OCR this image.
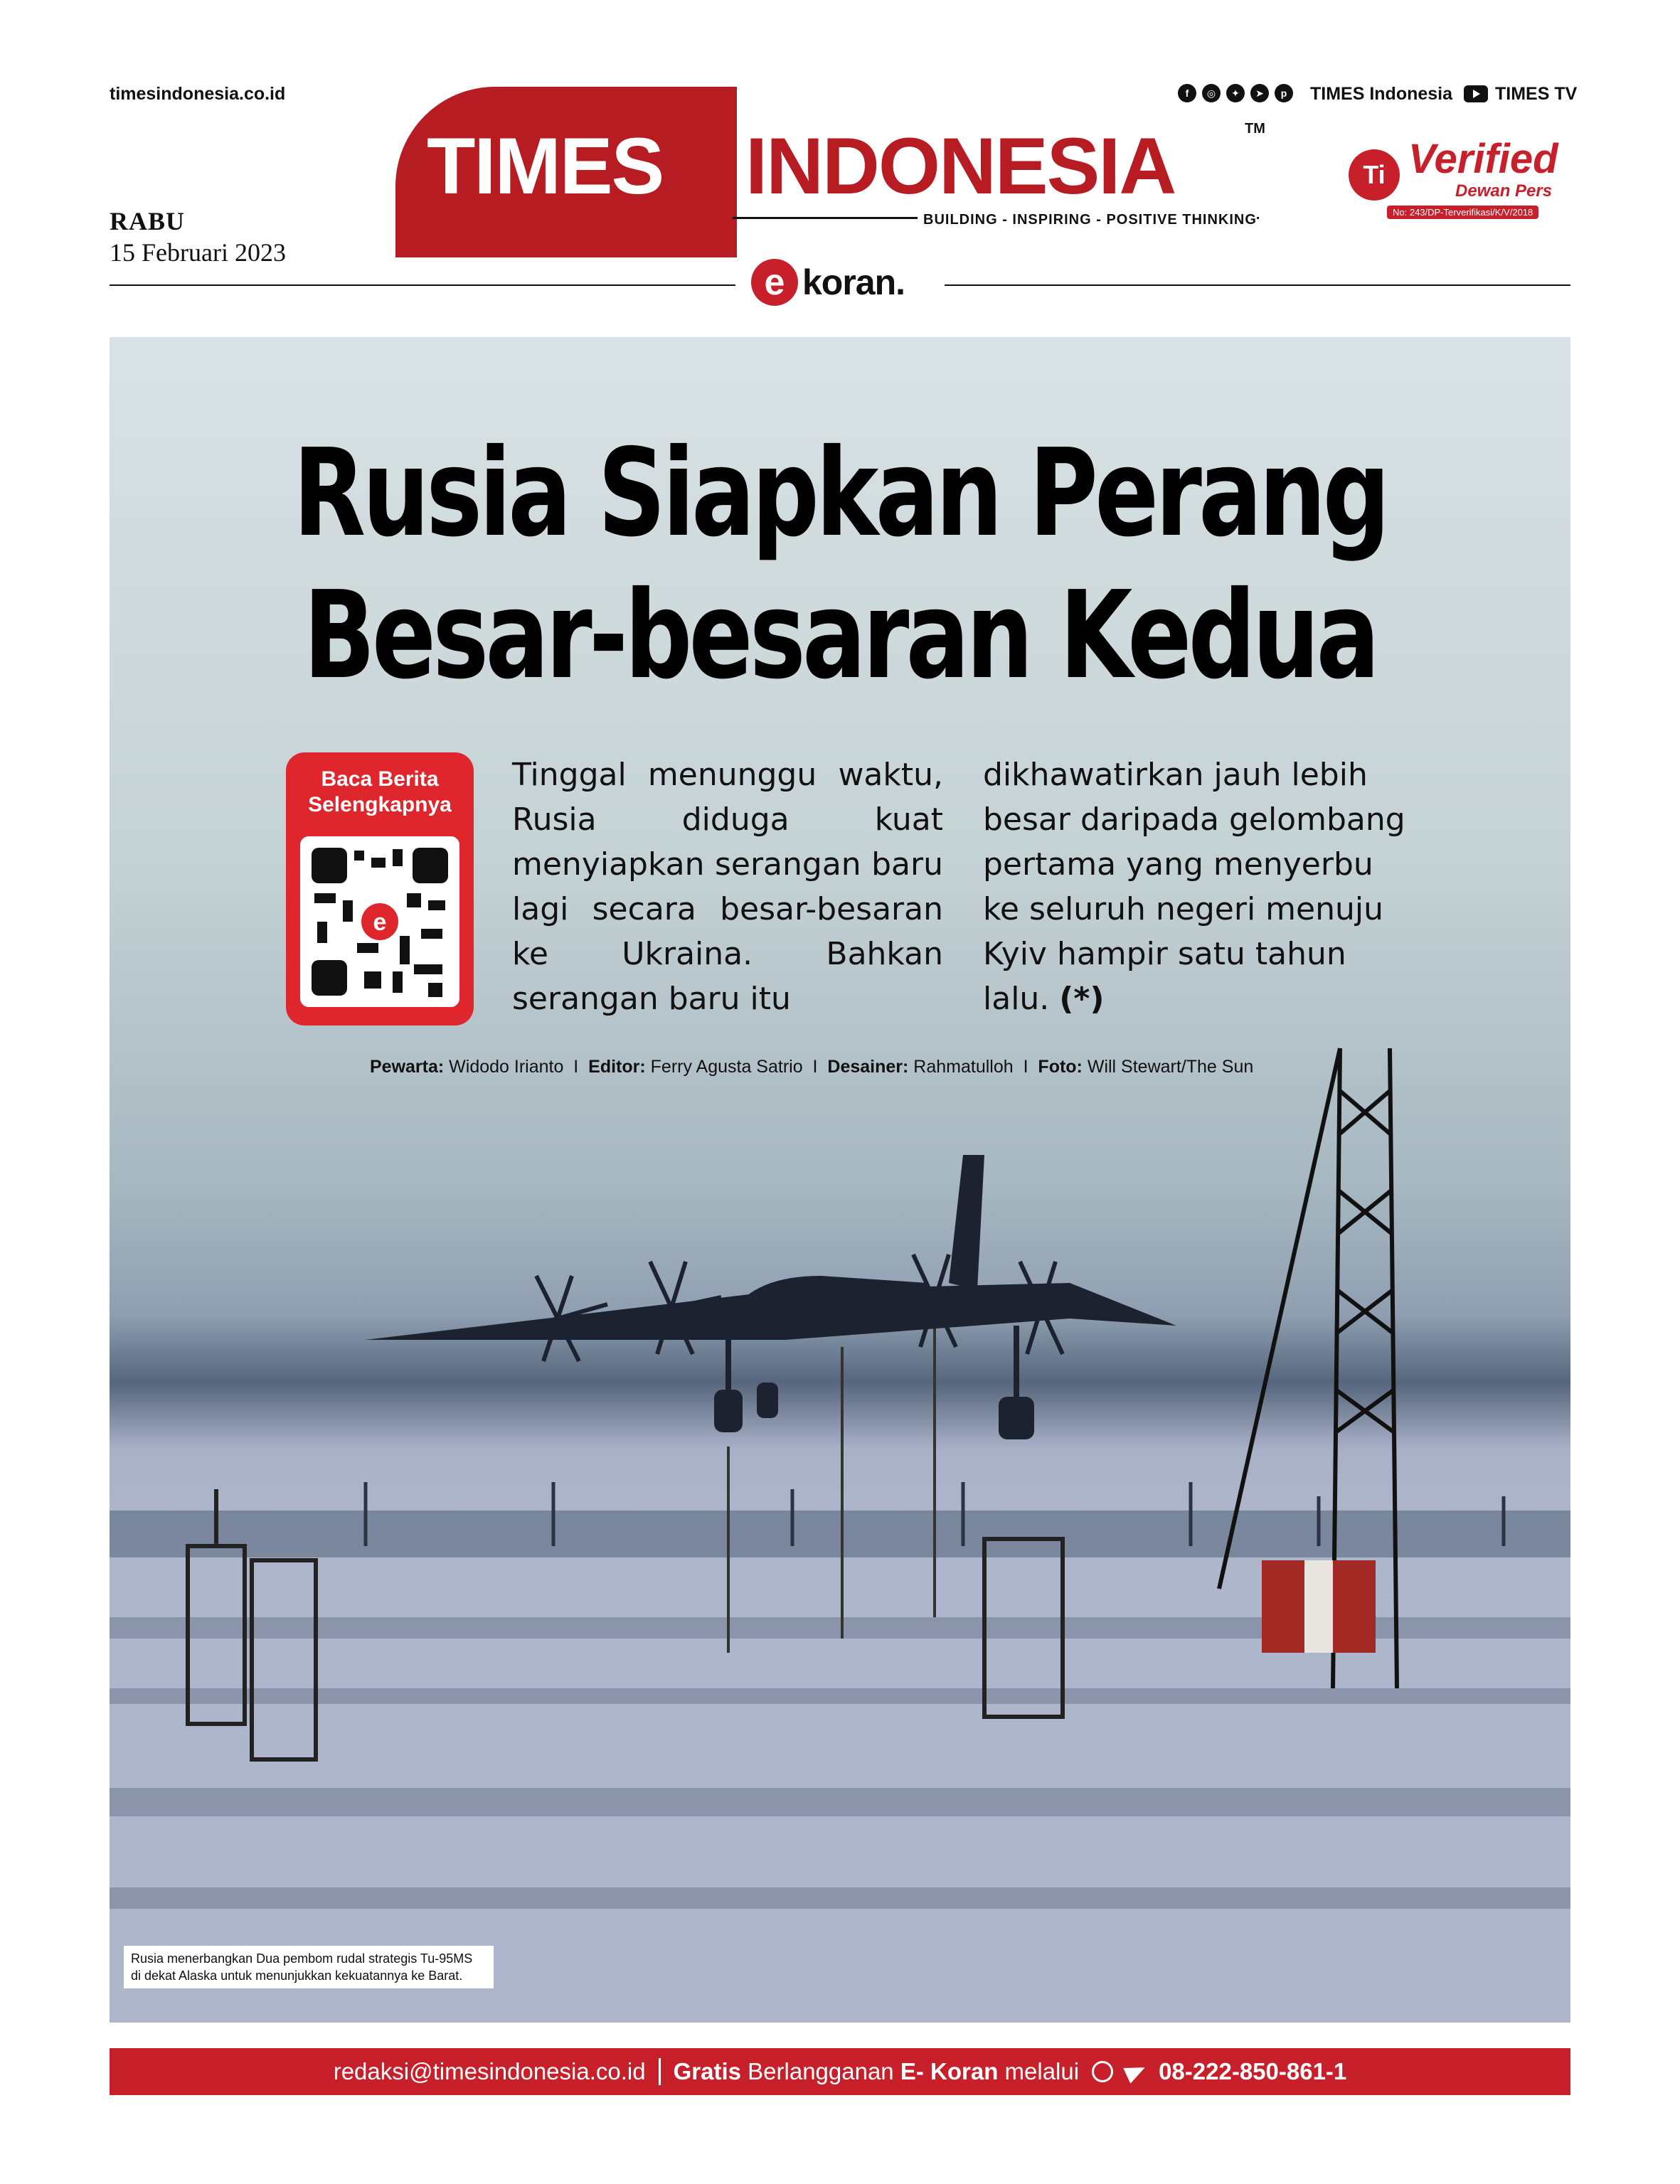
timesindonesia.co.id
RABU
15 Februari 2023
TIMES INDONESIA	TM
BUILDING - INSPIRING - POSITIVE THINKING
f	◎	✦	➤	p	TIMES Indonesia TIMES TV
Ti Verified
Dewan Pers
No: 243/DP-Terverifikasi/K/V/2018
e koran.
Rusia Siapkan Perang
Besar-besaran Kedua
Baca Berita
Selengkapnya
e
Tinggal menunggu waktu, Rusia diduga kuat menyiapkan serangan baru lagi secara besar-besaran ke Ukraina. Bahkan serangan baru itu
dikhawatirkan jauh lebih besar daripada gelombang pertama yang menyerbu ke seluruh negeri menuju Kyiv hampir satu tahun lalu. (*)
Pewarta: Widodo Irianto I Editor: Ferry Agusta Satrio I Desainer: Rahmatulloh I Foto: Will Stewart/The Sun
Rusia menerbangkan Dua pembom rudal strategis Tu-95MS
di dekat Alaska untuk menunjukkan kekuatannya ke Barat.
redaksi@timesindonesia.co.id Gratis Berlangganan E- Koran melalui	08-222-850-861-1
